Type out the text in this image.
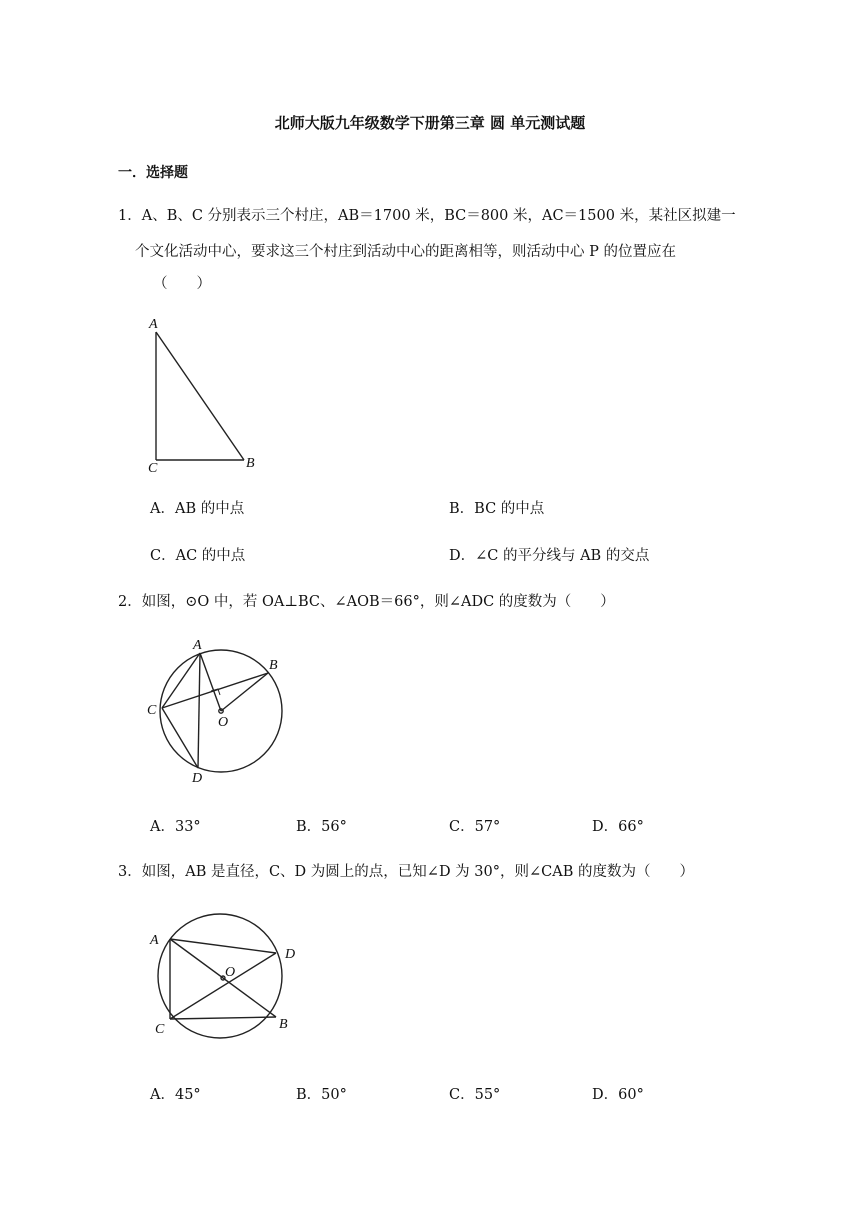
北师大版九年级数学下册第三章 圆 单元测试题
一．选择题
1．A、B、C 分别表示三个村庄，AB＝1700 米，BC＝800 米，AC＝1500 米，某社区拟建一
个文化活动中心，要求这三个村庄到活动中心的距离相等，则活动中心 P 的位置应在
（　　）
A
B
C
A．AB 的中点	B．BC 的中点
C．AC 的中点	D．∠C 的平分线与 AB 的交点
2．如图，⊙O 中，若 OA⊥BC、∠AOB＝66°，则∠ADC 的度数为（　　）
A
B
C
O
D
A．33°	B．56°	C．57°	D．66°
3．如图，AB 是直径，C、D 为圆上的点，已知∠D 为 30°，则∠CAB 的度数为（　　）
A
D
O
C	B
A．45°	B．50°	C．55°	D．60°
